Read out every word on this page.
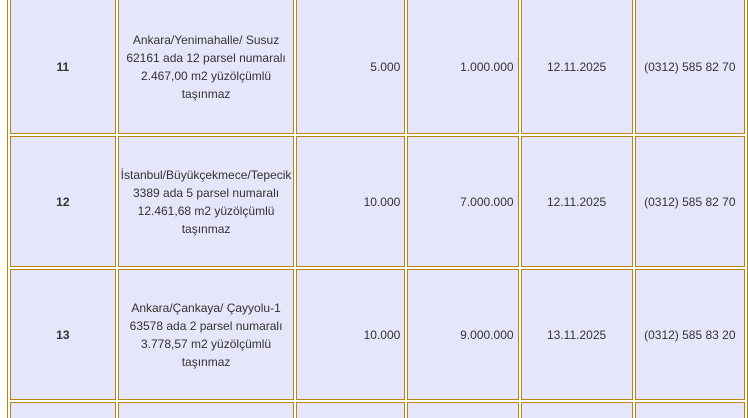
11	Ankara/Yenimahalle/ Susuz 62161 ada 12 parsel numaralı 2.467,00 m2 yüzölçümlü taşınmaz	5.000	1.000.000	12.11.2025	(0312) 585 82 70
12	İstanbul/Büyükçekmece/Tepecik 3389 ada 5 parsel numaralı 12.461,68 m2 yüzölçümlü taşınmaz	10.000	7.000.000	12.11.2025	(0312) 585 82 70
13	Ankara/Çankaya/ Çayyolu-1 63578 ada 2 parsel numaralı 3.778,57 m2 yüzölçümlü taşınmaz	10.000	9.000.000	13.11.2025	(0312) 585 83 20
